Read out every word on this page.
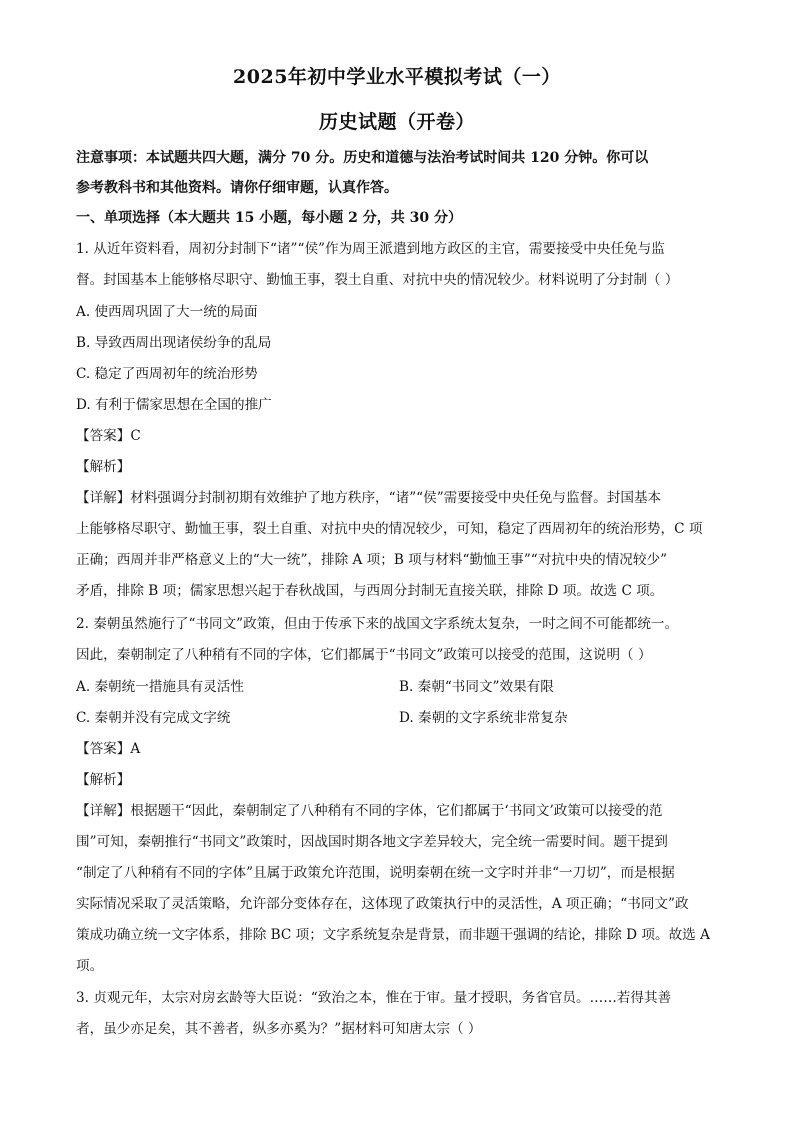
2025年初中学业水平模拟考试（一）
历史试题（开卷）
注意事项：本试题共四大题，满分 70 分。历史和道德与法治考试时间共 120 分钟。你可以
参考教科书和其他资料。请你仔细审题，认真作答。
一、单项选择（本大题共 15 小题，每小题 2 分，共 30 分）
1. 从近年资料看，周初分封制下“诸”“侯”作为周王派遣到地方政区的主官，需要接受中央任免与监
督。封国基本上能够格尽职守、勤恤王事，裂土自重、对抗中央的情况较少。材料说明了分封制（ ）
A. 使西周巩固了大一统的局面
B. 导致西周出现诸侯纷争的乱局
C. 稳定了西周初年的统治形势
D. 有利于儒家思想在全国的推广
【答案】C
【解析】
【详解】材料强调分封制初期有效维护了地方秩序，“诸”“侯”需要接受中央任免与监督。封国基本
上能够格尽职守、勤恤王事，裂土自重、对抗中央的情况较少，可知，稳定了西周初年的统治形势，C 项
正确；西周并非严格意义上的“大一统”，排除 A 项；B 项与材料“勤恤王事”“对抗中央的情况较少”
矛盾，排除 B 项；儒家思想兴起于春秋战国，与西周分封制无直接关联，排除 D 项。故选 C 项。
2. 秦朝虽然施行了“书同文”政策，但由于传承下来的战国文字系统太复杂，一时之间不可能都统一。
因此，秦朝制定了八种稍有不同的字体，它们都属于“书同文”政策可以接受的范围，这说明（ ）
A. 秦朝统一措施具有灵活性	B. 秦朝“书同文”效果有限
C. 秦朝并没有完成文字统	D. 秦朝的文字系统非常复杂
【答案】A
【解析】
【详解】根据题干“因此，秦朝制定了八种稍有不同的字体，它们都属于‘书同文’政策可以接受的范
围”可知，秦朝推行“书同文”政策时，因战国时期各地文字差异较大，完全统一需要时间。题干提到
“制定了八种稍有不同的字体”且属于政策允许范围，说明秦朝在统一文字时并非“一刀切”，而是根据
实际情况采取了灵活策略，允许部分变体存在，这体现了政策执行中的灵活性，A 项正确；“书同文”政
策成功确立统一文字体系，排除 BC 项；文字系统复杂是背景，而非题干强调的结论，排除 D 项。故选 A
项。
3. 贞观元年，太宗对房玄龄等大臣说：“致治之本，惟在于审。量才授职，务省官员。……若得其善
者，虽少亦足矣，其不善者，纵多亦奚为？”据材料可知唐太宗（ ）
